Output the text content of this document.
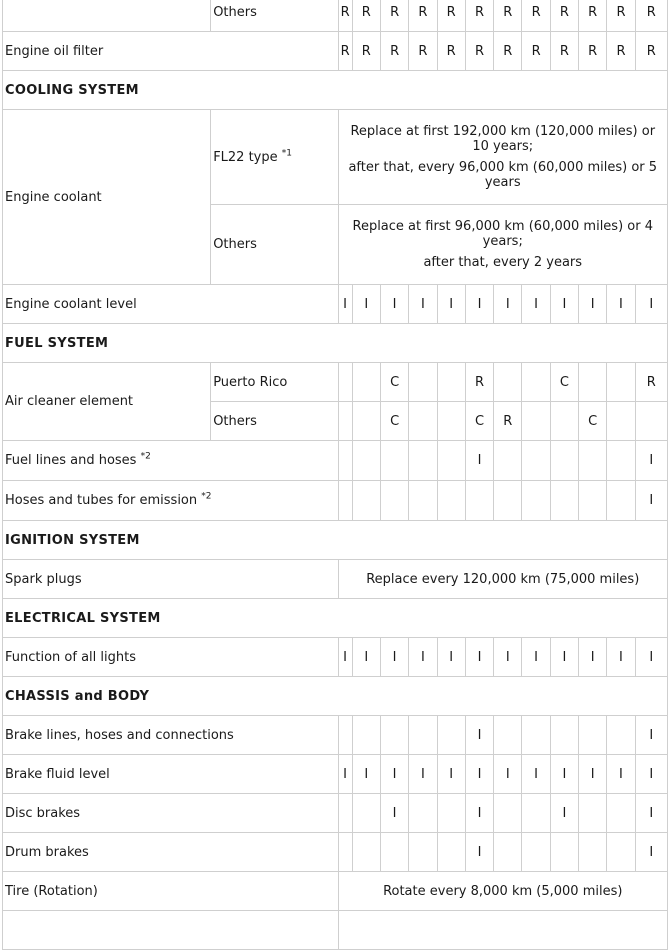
	Others	R	R	R	R	R	R	R	R	R	R	R	R
Engine oil filter		R	R	R	R	R	R	R	R	R	R	R	R
COOLING SYSTEM													
Engine coolant	FL22 type $^{*1}$	Replace at first 192,000 km (120,000 miles) or 10 years;

after that, every 96,000 km (60,000 miles) or 5 years											

	Others	Replace at first 96,000 km (60,000 miles) or 4 years;

after that, every 2 years											

Engine coolant level		I	I	I	I	I	I	I	I	I	I	I	I
FUEL SYSTEM													
Air cleaner element	Puerto Rico			C			R			C			R
	Others			C			C	R			C		
Fuel lines and hoses $^{*2}$							I						I
Hoses and tubes for emission $^{*2}$													I
IGNITION SYSTEM													
Spark plugs		Replace every 120,000 km (75,000 miles)											
ELECTRICAL SYSTEM													
Function of all lights		I	I	I	I	I	I	I	I	I	I	I	I
CHASSIS and BODY													
Brake lines, hoses and connections							I						I
Brake fluid level		I	I	I	I	I	I	I	I	I	I	I	I
Disc brakes				I			I			I			I
Drum brakes							I						I
Tire (Rotation)		Rotate every 8,000 km (5,000 miles)											
